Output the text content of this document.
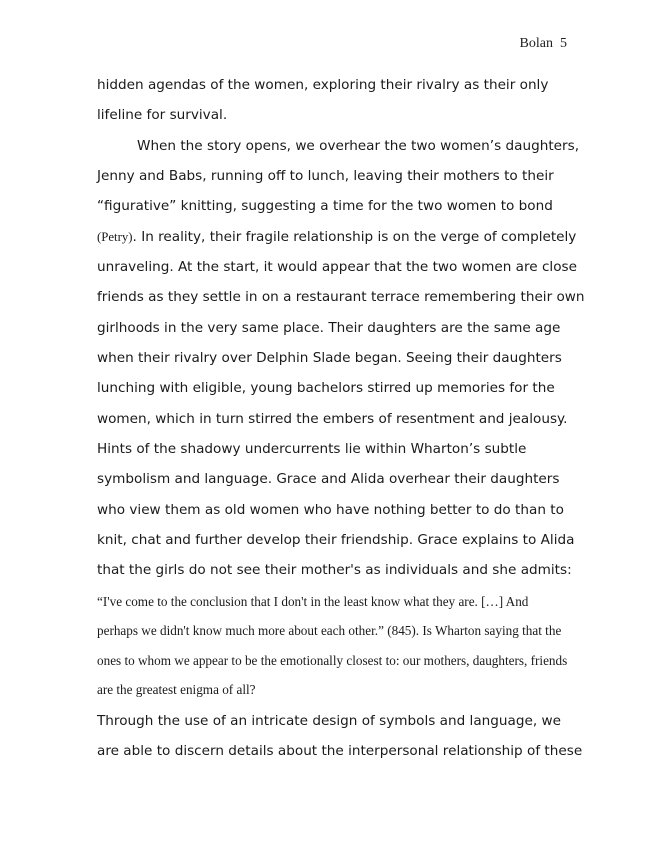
Bolan 5
hidden agendas of the women, exploring their rivalry as their only
lifeline for survival.
When the story opens, we overhear the two women’s daughters,
Jenny and Babs, running off to lunch, leaving their mothers to their
“figurative” knitting, suggesting a time for the two women to bond
(Petry). In reality, their fragile relationship is on the verge of completely
unraveling. At the start, it would appear that the two women are close
friends as they settle in on a restaurant terrace remembering their own
girlhoods in the very same place. Their daughters are the same age
when their rivalry over Delphin Slade began. Seeing their daughters
lunching with eligible, young bachelors stirred up memories for the
women, which in turn stirred the embers of resentment and jealousy.
Hints of the shadowy undercurrents lie within Wharton’s subtle
symbolism and language. Grace and Alida overhear their daughters
who view them as old women who have nothing better to do than to
knit, chat and further develop their friendship. Grace explains to Alida
that the girls do not see their mother's as individuals and she admits:
“I've come to the conclusion that I don't in the least know what they are. […] And
perhaps we didn't know much more about each other.” (845). Is Wharton saying that the
ones to whom we appear to be the emotionally closest to: our mothers, daughters, friends
are the greatest enigma of all?
Through the use of an intricate design of symbols and language, we
are able to discern details about the interpersonal relationship of these
